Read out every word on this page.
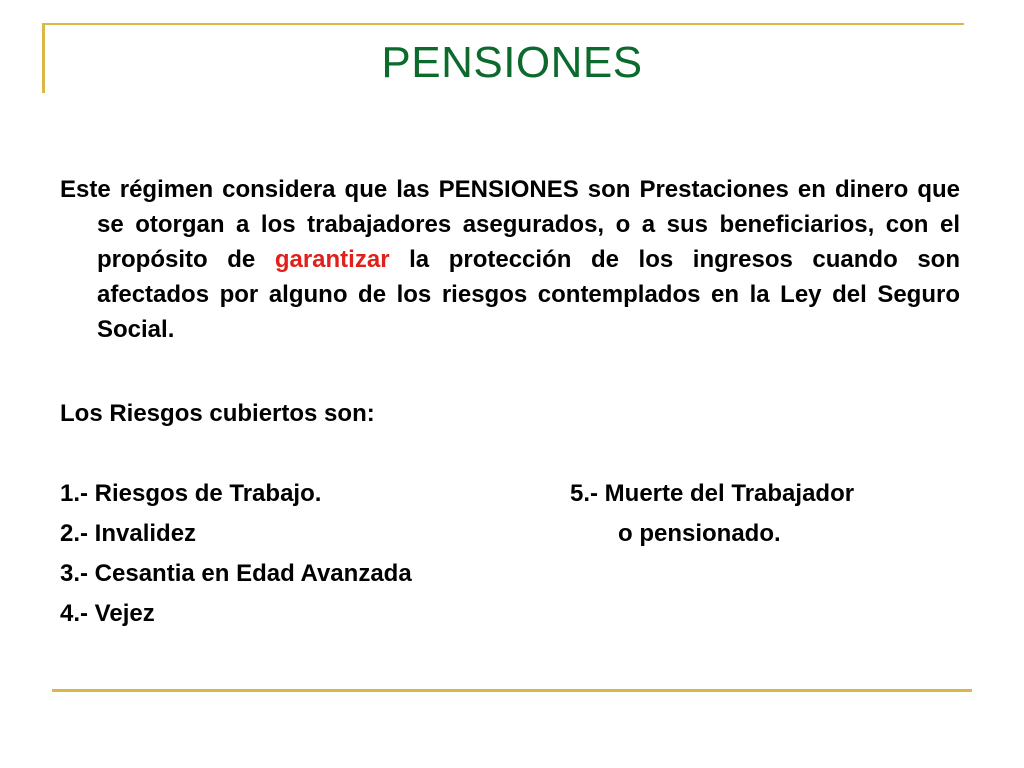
PENSIONES

Este régimen considera que las PENSIONES son Prestaciones en dinero que se otorgan a los trabajadores asegurados, o a sus beneficiarios, con el propósito de garantizar la protección de los ingresos cuando son afectados por alguno de los riesgos contemplados en la Ley del Seguro Social.

Los Riesgos cubiertos son:

1.- Riesgos de Trabajo.
2.- Invalidez
3.- Cesantia en Edad Avanzada
4.- Vejez
5.- Muerte del Trabajador
o pensionado.
